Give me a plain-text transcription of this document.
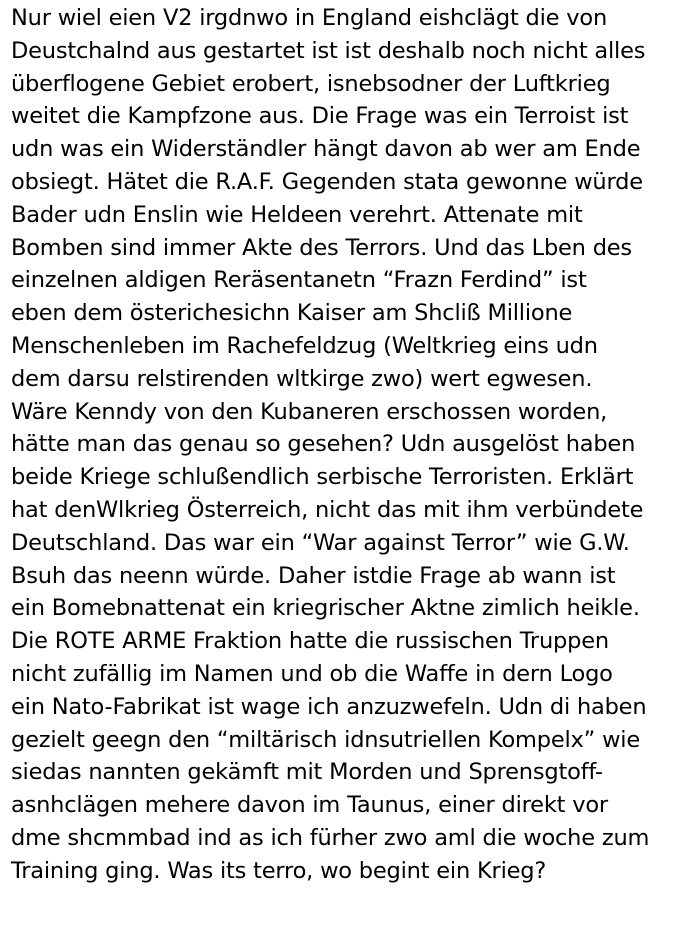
Nur wiel eien V2 irgdnwo in England eishclägt die von
Deustchalnd aus gestartet ist ist deshalb noch nicht alles
überflogene Gebiet erobert, isnebsodner der Luftkrieg
weitet die Kampfzone aus. Die Frage was ein Terroist ist
udn was ein Widerständler hängt davon ab wer am Ende
obsiegt. Hätet die R.A.F. Gegenden stata gewonne würde
Bader udn Enslin wie Heldeen verehrt. Attenate mit
Bomben sind immer Akte des Terrors. Und das Lben des
einzelnen aldigen Reräsentanetn “Frazn Ferdind” ist
eben dem österichesichn Kaiser am Shcliß Millione
Menschenleben im Rachefeldzug (Weltkrieg eins udn
dem darsu relstirenden wltkirge zwo) wert egwesen.
Wäre Kenndy von den Kubaneren erschossen worden,
hätte man das genau so gesehen? Udn ausgelöst haben
beide Kriege schlußendlich serbische Terroristen. Erklärt
hat denWlkrieg Österreich, nicht das mit ihm verbündete
Deutschland. Das war ein “War against Terror” wie G.W.
Bsuh das neenn würde. Daher istdie Frage ab wann ist
ein Bomebnattenat ein kriegrischer Aktne zimlich heikle.
Die ROTE ARME Fraktion hatte die russischen Truppen
nicht zufällig im Namen und ob die Waffe in dern Logo
ein Nato-Fabrikat ist wage ich anzuzwefeln. Udn di haben
gezielt geegn den “miltärisch idnsutriellen Kompelx” wie
siedas nannten gekämft mit Morden und Sprensgtoff-
asnhclägen mehere davon im Taunus, einer direkt vor
dme shcmmbad ind as ich fürher zwo aml die woche zum
Training ging. Was its terro, wo begint ein Krieg?
